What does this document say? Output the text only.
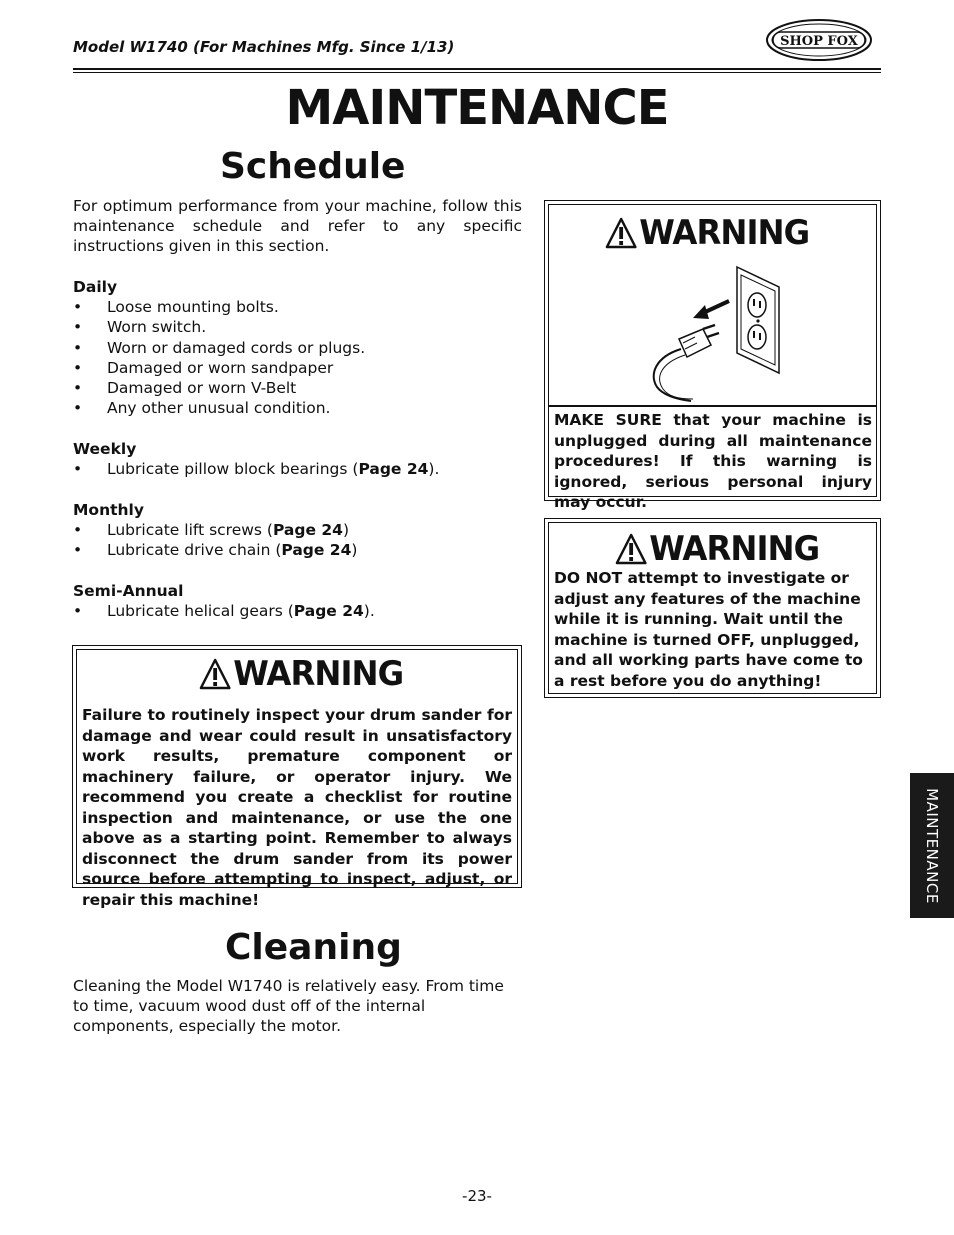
Model W1740 (For Machines Mfg. Since 1/13)	SHOP FOX
MAINTENANCE
Schedule
For optimum performance from your machine, follow this maintenance schedule and refer to any specific instructions given in this section.
Daily
• Loose mounting bolts.
• Worn switch.
• Worn or damaged cords or plugs.
• Damaged or worn sandpaper
• Damaged or worn V-Belt
• Any other unusual condition.
Weekly
• Lubricate pillow block bearings (Page 24).
Monthly
• Lubricate lift screws (Page 24)
• Lubricate drive chain (Page 24)
Semi-Annual
• Lubricate helical gears (Page 24).
WARNING
Failure to routinely inspect your drum sander for damage and wear could result in unsatisfactory work results, premature component or machinery failure, or operator injury. We recommend you create a checklist for routine inspection and maintenance, or use the one above as a starting point. Remember to always disconnect the drum sander from its power source before attempting to inspect, adjust, or repair this machine!
Cleaning
Cleaning the Model W1740 is relatively easy. From time to time, vacuum wood dust off of the internal components, especially the motor.
WARNING
MAKE SURE that your machine is unplugged during all maintenance procedures! If this warning is ignored, serious personal injury may occur.
WARNING
DO NOT attempt to investigate or adjust any features of the machine while it is running. Wait until the machine is turned OFF, unplugged, and all working parts have come to a rest before you do anything!
MAINTENANCE
-23-
